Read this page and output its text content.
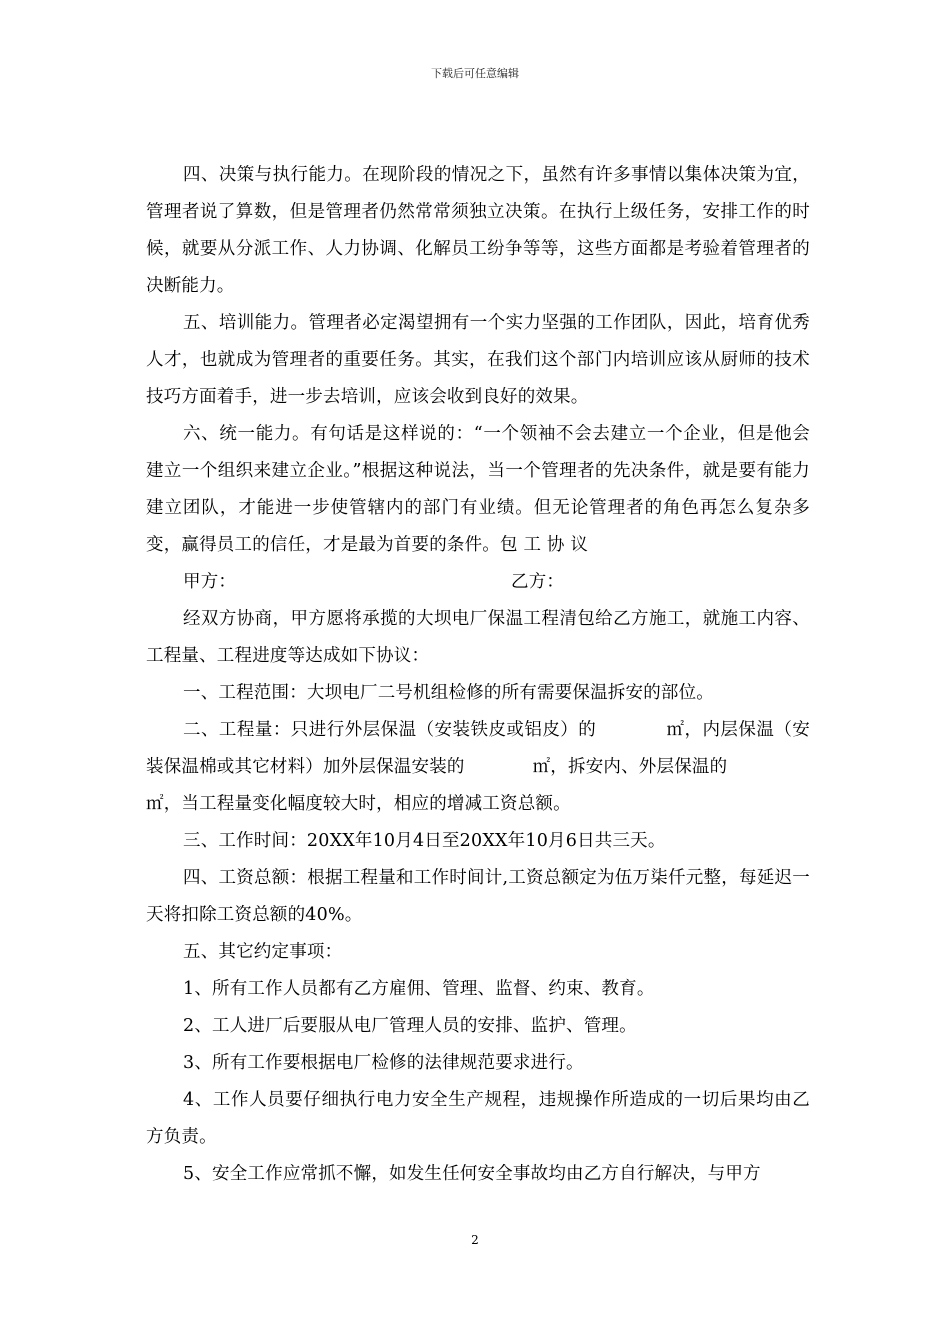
下载后可任意编辑

四、决策与执行能力。在现阶段的情况之下，虽然有许多事情以集体决策为宜，管理者说了算数，但是管理者仍然常常须独立决策。在执行上级任务，安排工作的时候，就要从分派工作、人力协调、化解员工纷争等等，这些方面都是考验着管理者的决断能力。

五、培训能力。管理者必定渴望拥有一个实力坚强的工作团队，因此，培育优秀人才，也就成为管理者的重要任务。其实，在我们这个部门内培训应该从厨师的技术技巧方面着手，进一步去培训，应该会收到良好的效果。

六、统一能力。有句话是这样说的：“一个领袖不会去建立一个企业，但是他会建立一个组织来建立企业。”根据这种说法，当一个管理者的先决条件，就是要有能力建立团队，才能进一步使管辖内的部门有业绩。但无论管理者的角色再怎么复杂多变，赢得员工的信任，才是最为首要的条件。包 工 协 议

甲方：	乙方：

经双方协商，甲方愿将承揽的大坝电厂保温工程清包给乙方施工，就施工内容、工程量、工程进度等达成如下协议：

一、工程范围：大坝电厂二号机组检修的所有需要保温拆安的部位。

二、工程量：只进行外层保温（安装铁皮或铝皮）的	㎡，内层保温（安装保温棉或其它材料）加外层保温安装的	㎡，拆安内、外层保温的
㎡，当工程量变化幅度较大时，相应的增减工资总额。

三、工作时间：20XX年10月4日至20XX年10月6日共三天。

四、工资总额：根据工程量和工作时间计,工资总额定为伍万柒仟元整，每延迟一天将扣除工资总额的40%。

五、其它约定事项：

1、所有工作人员都有乙方雇佣、管理、监督、约束、教育。

2、工人进厂后要服从电厂管理人员的安排、监护、管理。

3、所有工作要根据电厂检修的法律规范要求进行。

4、工作人员要仔细执行电力安全生产规程，违规操作所造成的一切后果均由乙方负责。

5、安全工作应常抓不懈，如发生任何安全事故均由乙方自行解决，与甲方

2
